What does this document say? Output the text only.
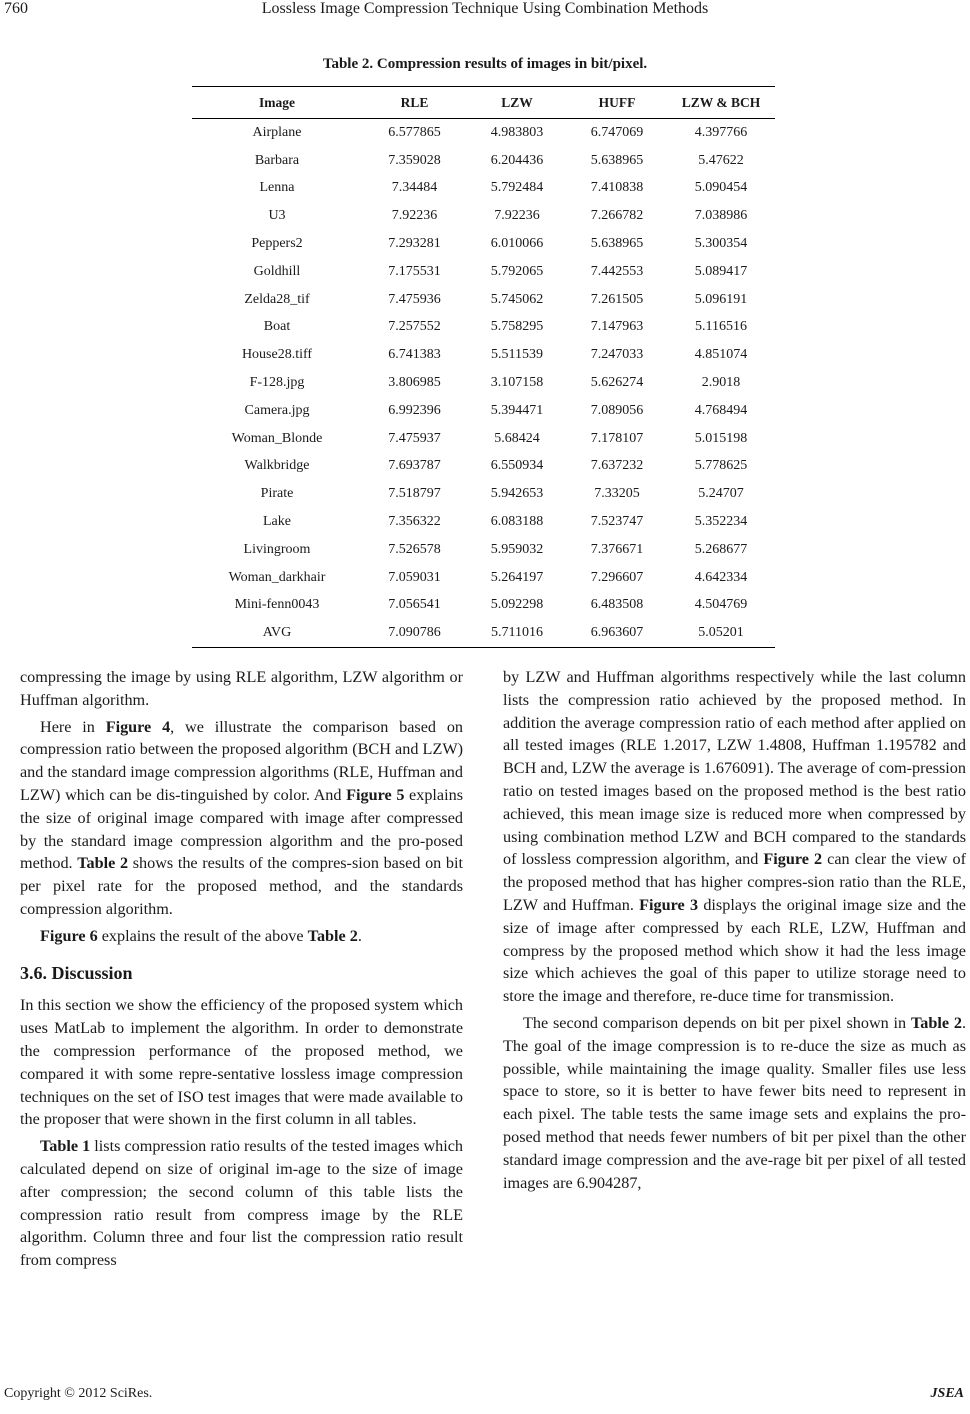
760	Lossless Image Compression Technique Using Combination Methods
Table 2. Compression results of images in bit/pixel.
Image	RLE	LZW	HUFF	LZW & BCH
Airplane	6.577865	4.983803	6.747069	4.397766
Barbara	7.359028	6.204436	5.638965	5.47622
Lenna	7.34484	5.792484	7.410838	5.090454
U3	7.92236	7.92236	7.266782	7.038986
Peppers2	7.293281	6.010066	5.638965	5.300354
Goldhill	7.175531	5.792065	7.442553	5.089417
Zelda28_tif	7.475936	5.745062	7.261505	5.096191
Boat	7.257552	5.758295	7.147963	5.116516
House28.tiff	6.741383	5.511539	7.247033	4.851074
F-128.jpg	3.806985	3.107158	5.626274	2.9018
Camera.jpg	6.992396	5.394471	7.089056	4.768494
Woman_Blonde	7.475937	5.68424	7.178107	5.015198
Walkbridge	7.693787	6.550934	7.637232	5.778625
Pirate	7.518797	5.942653	7.33205	5.24707
Lake	7.356322	6.083188	7.523747	5.352234
Livingroom	7.526578	5.959032	7.376671	5.268677
Woman_darkhair	7.059031	5.264197	7.296607	4.642334
Mini-fenn0043	7.056541	5.092298	6.483508	4.504769
AVG	7.090786	5.711016	6.963607	5.05201

compressing the image by using RLE algorithm, LZW algorithm or Huffman algorithm.

Here in Figure 4, we illustrate the comparison based on compression ratio between the proposed algorithm (BCH and LZW) and the standard image compression algorithms (RLE, Huffman and LZW) which can be dis-tinguished by color. And Figure 5 explains the size of original image compared with image after compressed by the standard image compression algorithm and the pro-posed method. Table 2 shows the results of the compres-sion based on bit per pixel rate for the proposed method, and the standards compression algorithm.

Figure 6 explains the result of the above Table 2.

3.6. Discussion

In this section we show the efficiency of the proposed system which uses MatLab to implement the algorithm. In order to demonstrate the compression performance of the proposed method, we compared it with some repre-sentative lossless image compression techniques on the set of ISO test images that were made available to the proposer that were shown in the first column in all tables.

Table 1 lists compression ratio results of the tested images which calculated depend on size of original im-age to the size of image after compression; the second column of this table lists the compression ratio result from compress image by the RLE algorithm. Column three and four list the compression ratio result from compress

by LZW and Huffman algorithms respectively while the last column lists the compression ratio achieved by the proposed method. In addition the average compression ratio of each method after applied on all tested images (RLE 1.2017, LZW 1.4808, Huffman 1.195782 and BCH and, LZW the average is 1.676091). The average of com-pression ratio on tested images based on the proposed method is the best ratio achieved, this mean image size is reduced more when compressed by using combination method LZW and BCH compared to the standards of lossless compression algorithm, and Figure 2 can clear the view of the proposed method that has higher compres-sion ratio than the RLE, LZW and Huffman. Figure 3 displays the original image size and the size of image after compressed by each RLE, LZW, Huffman and compress by the proposed method which show it had the less image size which achieves the goal of this paper to utilize storage need to store the image and therefore, re-duce time for transmission.

The second comparison depends on bit per pixel shown in Table 2. The goal of the image compression is to re-duce the size as much as possible, while maintaining the image quality. Smaller files use less space to store, so it is better to have fewer bits need to represent in each pixel. The table tests the same image sets and explains the pro-posed method that needs fewer numbers of bit per pixel than the other standard image compression and the ave-rage bit per pixel of all tested images are 6.904287,

Copyright © 2012 SciRes.	JSEA
